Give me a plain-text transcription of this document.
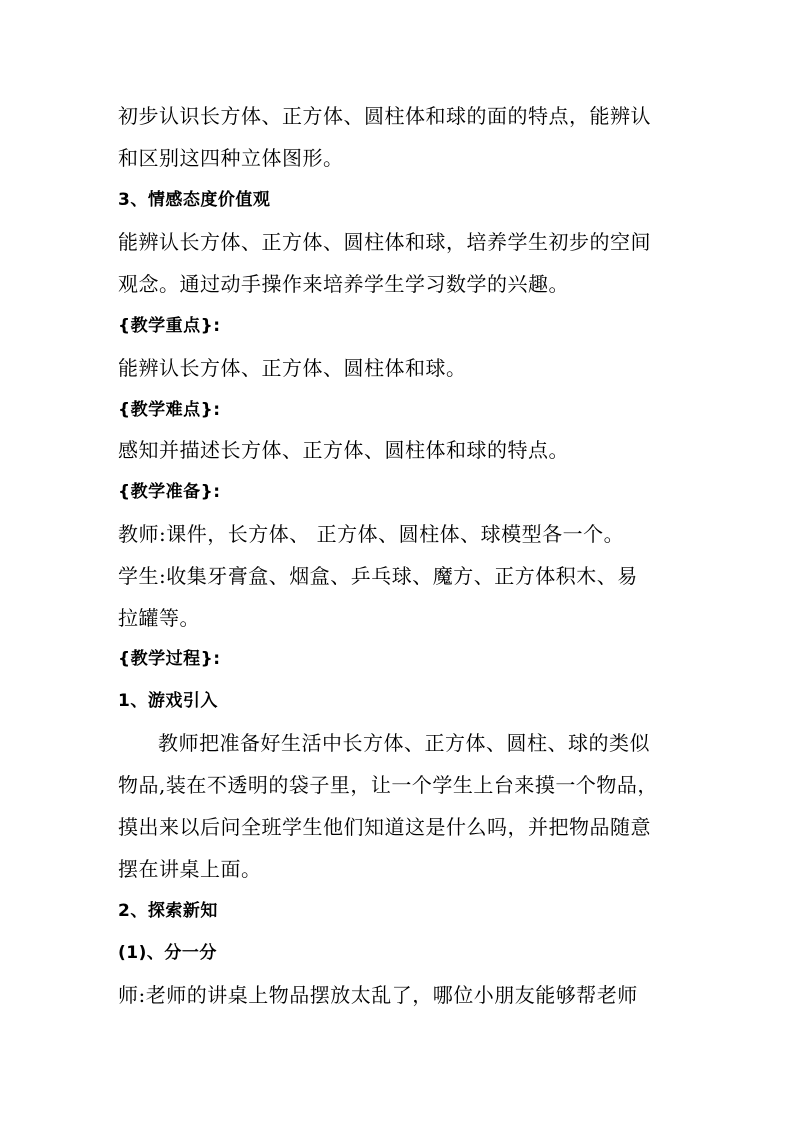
初步认识长方体、正方体、圆柱体和球的面的特点，能辨认
和区别这四种立体图形。
3、情感态度价值观
能辨认长方体、正方体、圆柱体和球，培养学生初步的空间
观念。通过动手操作来培养学生学习数学的兴趣。
{教学重点}:
能辨认长方体、正方体、圆柱体和球。
{教学难点}:
感知并描述长方体、正方体、圆柱体和球的特点。
{教学准备}:
教师:课件，长方体、 正方体、圆柱体、球模型各一个。
学生:收集牙膏盒、烟盒、乒乓球、魔方、正方体积木、易
拉罐等。
{教学过程}:
1、游戏引入
教师把准备好生活中长方体、正方体、圆柱、球的类似
物品,装在不透明的袋子里，让一个学生上台来摸一个物品，
摸出来以后问全班学生他们知道这是什么吗，并把物品随意
摆在讲桌上面。
2、探索新知
(1)、分一分
师:老师的讲桌上物品摆放太乱了，哪位小朋友能够帮老师
